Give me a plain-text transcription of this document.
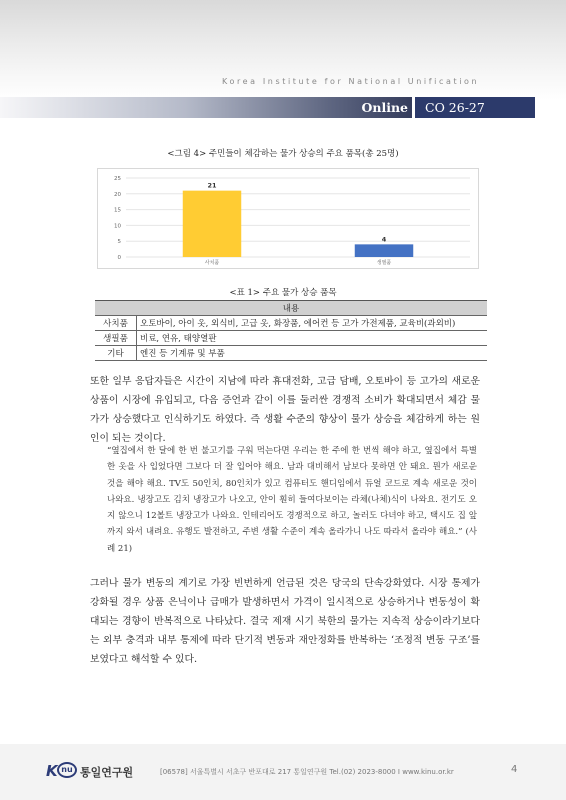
Korea Institute for National Unification
Online Series
CO 26-27
<그림 4> 주민들이 체감하는 물가 상승의 주요 품목(총 25명)
0
5
10
15
20
25
21
사치품
4
생필품
<표 1> 주요 물가 상승 품목
내용	
사치품	오토바이, 아이 옷, 외식비, 고급 옷, 화장품, 에어컨 등 고가 가전제품, 교육비(과외비)
생필품	비료, 연유, 태양열판
기타	엔진 등 기계류 및 부품
또한 일부 응답자들은 시간이 지남에 따라 휴대전화, 고급 담배, 오토바이 등 고가의 새로운 상품이 시장에 유입되고, 다음 증언과 같이 이를 둘러싼 경쟁적 소비가 확대되면서 체감 물가가 상승했다고 인식하기도 하였다. 즉 생활 수준의 향상이 물가 상승을 체감하게 하는 원인이 되는 것이다.
“옆집에서 한 달에 한 번 불고기를 구워 먹는다면 우리는 한 주에 한 번씩 해야 하고, 옆집에서 특별한 옷을 사 입었다면 그보다 더 잘 입어야 해요. 남과 대비해서 남보다 못하면 안 돼요. 뭔가 새로운 것을 해야 해요. TV도 50인치, 80인치가 있고 컴퓨터도 핸디임에서 듀얼 코드로 계속 새로운 것이 나와요. 냉장고도 김치 냉장고가 나오고, 안이 훤히 들여다보이는 라체(나체)식이 나와요. 전기도 오지 않으니 12볼트 냉장고가 나와요. 인테리어도 경쟁적으로 하고, 놀러도 다녀야 하고, 택시도 집 앞까지 와서 내려요. 유행도 발전하고, 주변 생활 수준이 계속 올라가니 나도 따라서 올라야 해요.” (사례 21)
그러나 물가 변동의 계기로 가장 빈번하게 언급된 것은 당국의 단속강화였다. 시장 통제가 강화될 경우 상품 은닉이나 급매가 발생하면서 가격이 일시적으로 상승하거나 변동성이 확대되는 경향이 반복적으로 나타났다. 결국 제재 시기 북한의 물가는 지속적 상승이라기보다는 외부 충격과 내부 통제에 따라 단기적 변동과 재안정화를 반복하는 ‘조정적 변동 구조’를 보였다고 해석할 수 있다.
K nu 통일연구원	[06578] 서울특별시 서초구 반포대로 217 통일연구원 Tel.(02) 2023-8000 I www.kinu.or.kr	4
